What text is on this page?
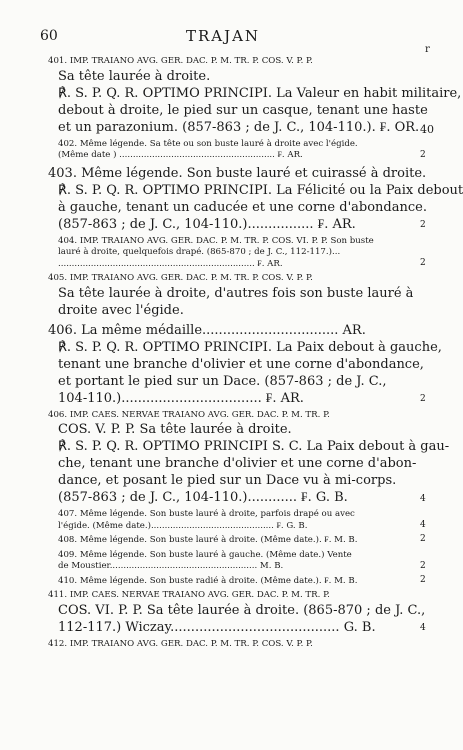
60	TRAJAN
r
401. IMP. TRAIANO AVG. GER. DAC. P. M. TR. P. COS. V. P. P.
Sa tête laurée à droite.
℟. S. P. Q. R. OPTIMO PRINCIPI. La Valeur en habit militaire,
debout à droite, le pied sur un casque, tenant une haste
et un parazonium. (857-863 ; de J. C., 104-110.). ₣. OR. 40
402. Même légende. Sa tête ou son buste lauré à droite avec l'égide.
(Même date ) ......................................................... ₣. AR.	2
403. Même légende. Son buste lauré et cuirassé à droite.
℟. S. P. Q. R. OPTIMO PRINCIPI. La Félicité ou la Paix debout
à gauche, tenant un caducée et une corne d'abondance.
(857-863 ; de J. C., 104-110.)................ ₣. AR.	2
404. IMP. TRAIANO AVG. GER. DAC. P. M. TR. P. COS. VI. P. P. Son buste
lauré à droite, quelquefois drapé. (865-870 ; de J. C., 112-117.)...
........................................................................ ₣. AR.	2
405. IMP. TRAIANO AVG. GER. DAC. P. M. TR. P. COS. V. P. P.
Sa tête laurée à droite, d'autres fois son buste lauré à
droite avec l'égide.
406. La même médaille................................. AR.
℟. S. P. Q. R. OPTIMO PRINCIPI. La Paix debout à gauche,
tenant une branche d'olivier et une corne d'abondance,
et portant le pied sur un Dace. (857-863 ; de J. C.,
104-110.).................................. ₣. AR.	2
406. IMP. CAES. NERVAE TRAIANO AVG. GER. DAC. P. M. TR. P.
COS. V. P. P. Sa tête laurée à droite.
℟. S. P. Q. R. OPTIMO PRINCIPI S. C. La Paix debout à gau-
che, tenant une branche d'olivier et une corne d'abon-
dance, et posant le pied sur un Dace vu à mi-corps.
(857-863 ; de J. C., 104-110.)............ ₣. G. B.	4
407. Même légende. Son buste lauré à droite, parfois drapé ou avec
l'égide. (Même date.)............................................. ₣. G. B.	4
408. Même légende. Son buste lauré à droite. (Même date.). ₣. M. B.	2
409. Même légende. Son buste lauré à gauche. (Même date.) Vente
de Moustier...................................................... M. B.	2
410. Même légende. Son buste radié à droite. (Même date.). ₣. M. B.	2
411. IMP. CAES. NERVAE TRAIANO AVG. GER. DAC. P. M. TR. P.
COS. VI. P. P. Sa tête laurée à droite. (865-870 ; de J. C.,
112-117.) Wiczay......................................... G. B.	4
412. IMP. TRAIANO AVG. GER. DAC. P. M. TR. P. COS. V. P. P.
